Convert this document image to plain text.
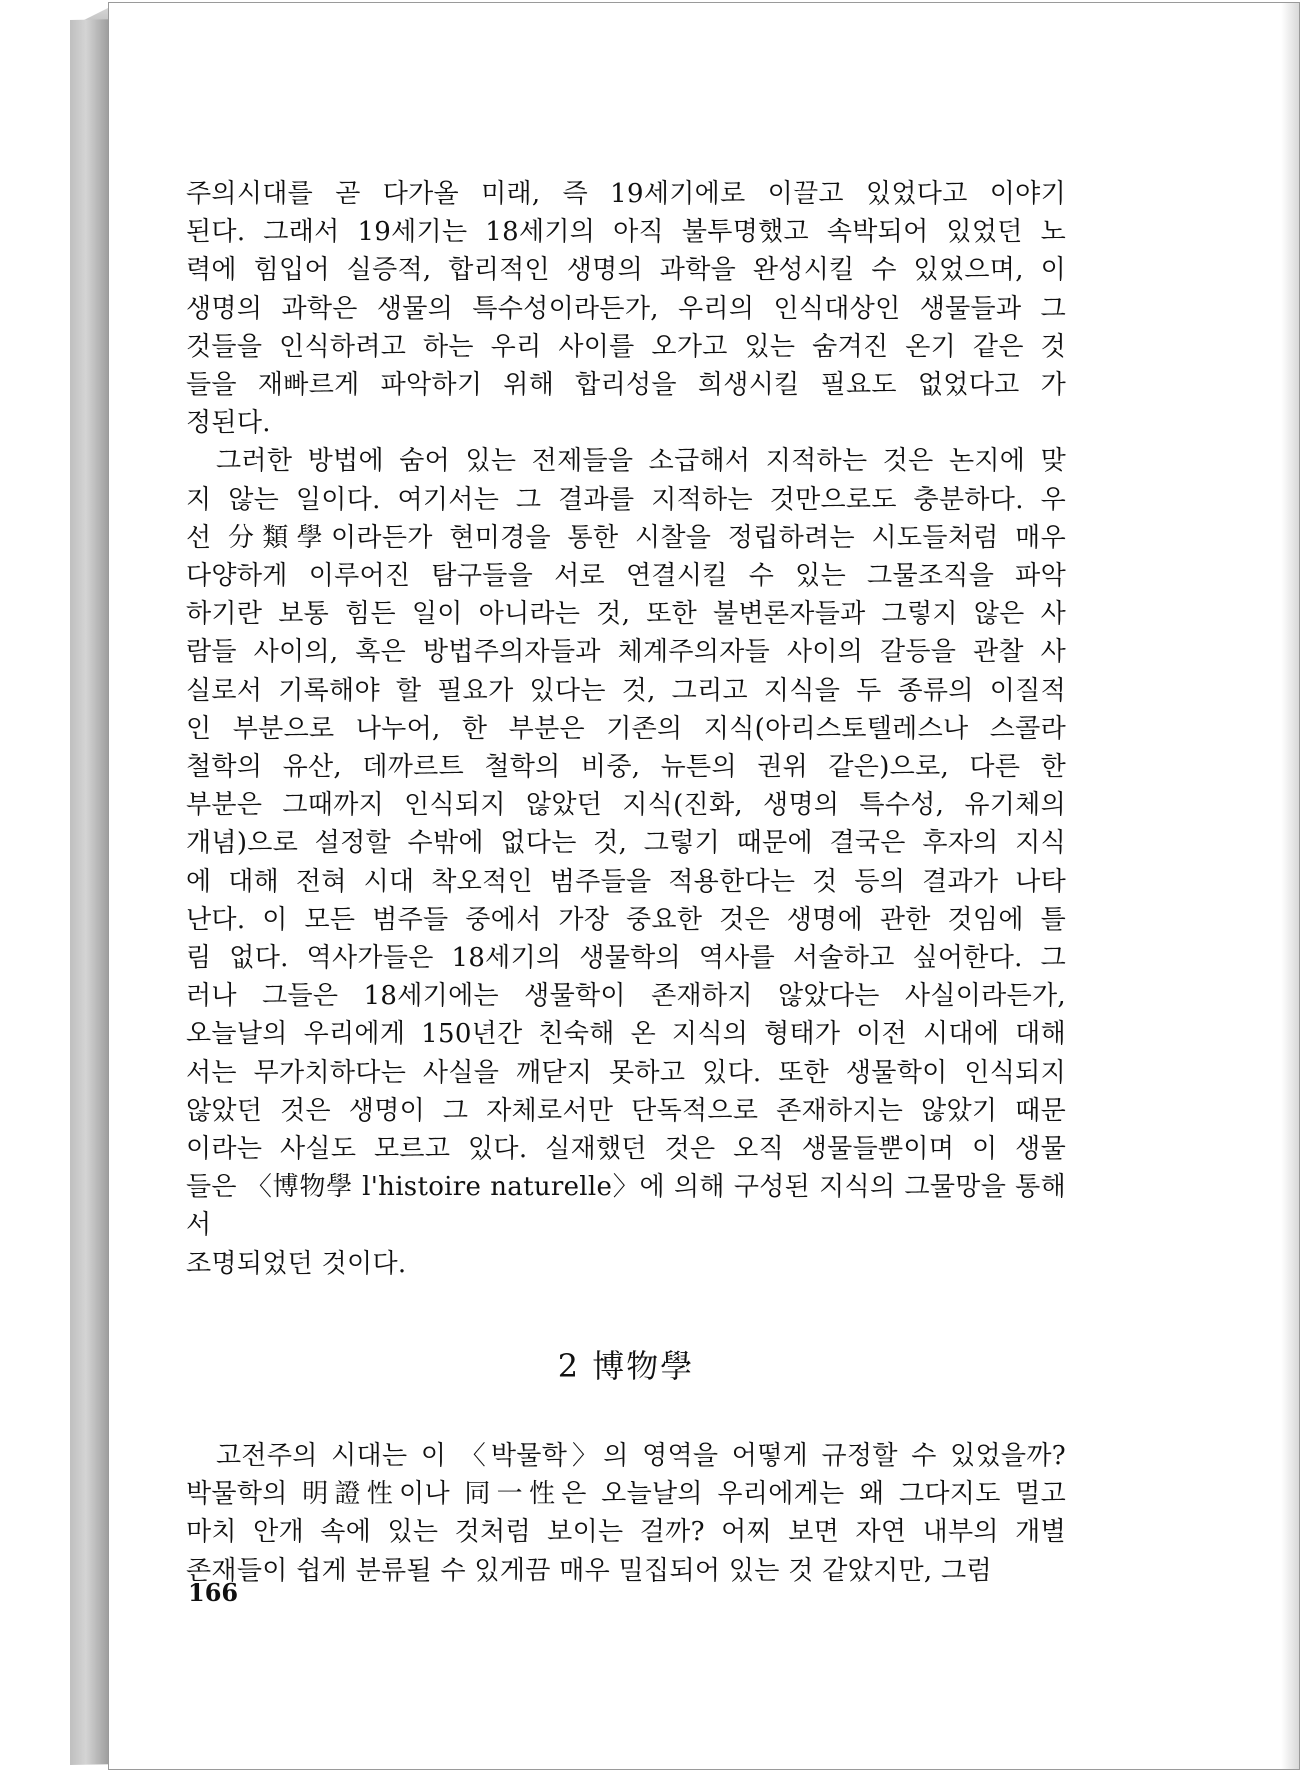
주의시대를 곧 다가올 미래, 즉 19세기에로 이끌고 있었다고 이야기
된다. 그래서 19세기는 18세기의 아직 불투명했고 속박되어 있었던 노
력에 힘입어 실증적, 합리적인 생명의 과학을 완성시킬 수 있었으며, 이
생명의 과학은 생물의 특수성이라든가, 우리의 인식대상인 생물들과 그
것들을 인식하려고 하는 우리 사이를 오가고 있는 숨겨진 온기 같은 것
들을 재빠르게 파악하기 위해 합리성을 희생시킬 필요도 없었다고 가
정된다.
그러한 방법에 숨어 있는 전제들을 소급해서 지적하는 것은 논지에 맞
지 않는 일이다. 여기서는 그 결과를 지적하는 것만으로도 충분하다. 우
선 分類學이라든가 현미경을 통한 시찰을 정립하려는 시도들처럼 매우
다양하게 이루어진 탐구들을 서로 연결시킬 수 있는 그물조직을 파악
하기란 보통 힘든 일이 아니라는 것, 또한 불변론자들과 그렇지 않은 사
람들 사이의, 혹은 방법주의자들과 체계주의자들 사이의 갈등을 관찰 사
실로서 기록해야 할 필요가 있다는 것, 그리고 지식을 두 종류의 이질적
인 부분으로 나누어, 한 부분은 기존의 지식(아리스토텔레스나 스콜라
철학의 유산, 데까르트 철학의 비중, 뉴튼의 권위 같은)으로, 다른 한
부분은 그때까지 인식되지 않았던 지식(진화, 생명의 특수성, 유기체의
개념)으로 설정할 수밖에 없다는 것, 그렇기 때문에 결국은 후자의 지식
에 대해 전혀 시대 착오적인 범주들을 적용한다는 것 등의 결과가 나타
난다. 이 모든 범주들 중에서 가장 중요한 것은 생명에 관한 것임에 틀
림 없다. 역사가들은 18세기의 생물학의 역사를 서술하고 싶어한다. 그
러나 그들은 18세기에는 생물학이 존재하지 않았다는 사실이라든가,
오늘날의 우리에게 150년간 친숙해 온 지식의 형태가 이전 시대에 대해
서는 무가치하다는 사실을 깨닫지 못하고 있다. 또한 생물학이 인식되지
않았던 것은 생명이 그 자체로서만 단독적으로 존재하지는 않았기 때문
이라는 사실도 모르고 있다. 실재했던 것은 오직 생물들뿐이며 이 생물
들은 〈博物學 l'histoire naturelle〉에 의해 구성된 지식의 그물망을 통해서
조명되었던 것이다.
2 博物學
고전주의 시대는 이 〈박물학〉의 영역을 어떻게 규정할 수 있었을까?
박물학의 明證性이나 同一性은 오늘날의 우리에게는 왜 그다지도 멀고
마치 안개 속에 있는 것처럼 보이는 걸까? 어찌 보면 자연 내부의 개별
존재들이 쉽게 분류될 수 있게끔 매우 밀집되어 있는 것 같았지만, 그럼
166
